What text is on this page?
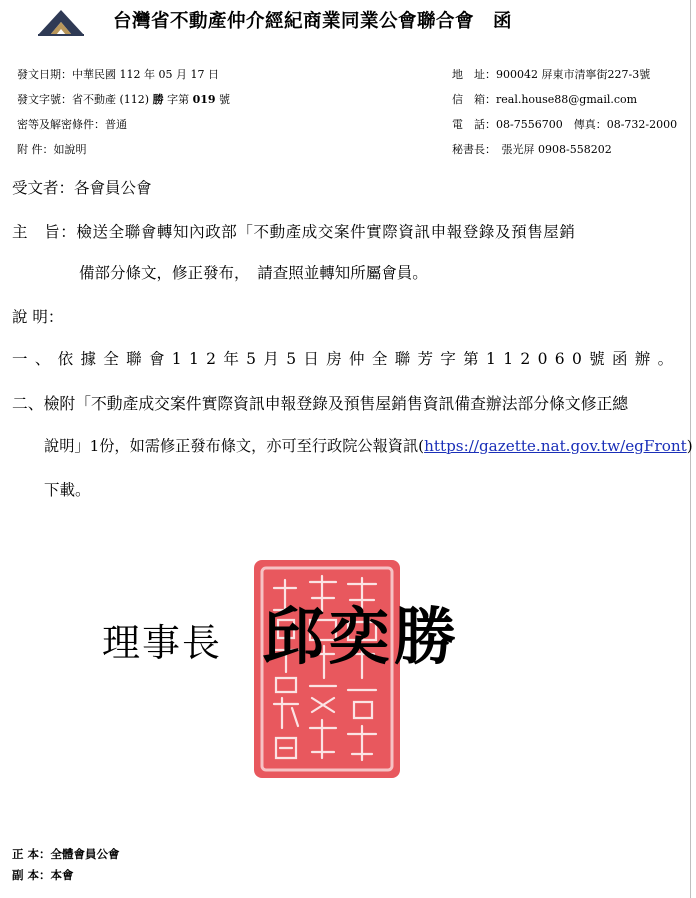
台灣省不動產仲介經紀商業同業公會聯合會　函
發文日期：中華民國 112 年 05 月 17 日
發文字號：省不動產 (112) 勝 字第 019 號
密等及解密條件：普通
附 件：如說明
地　址：900042 屏東市清寧街227-3號
信　箱：real.house88@gmail.com
電　話：08-7556700　傳真：08-732-2000
秘書長：　張光屏 0908-558202
受文者：各會員公會
主　旨：檢送全聯會轉知內政部「不動產成交案件實際資訊申報登錄及預售屋銷
備部分條文，修正發布，　請查照並轉知所屬會員。
說 明：
一 、 依 據 全 聯 會 1 1 2 年 5 月 5 日 房 仲 全 聯 芳 字 第 1 1 2 0 6 0 號 函 辦 。
二、檢附「不動產成交案件實際資訊申報登錄及預售屋銷售資訊備查辦法部分條文修正總
說明」1份，如需修正發布條文，亦可至行政院公報資訊(https://gazette.nat.gov.tw/egFront)
下載。
理事長 邱奕勝
正 本：全體會員公會
副 本：本會
